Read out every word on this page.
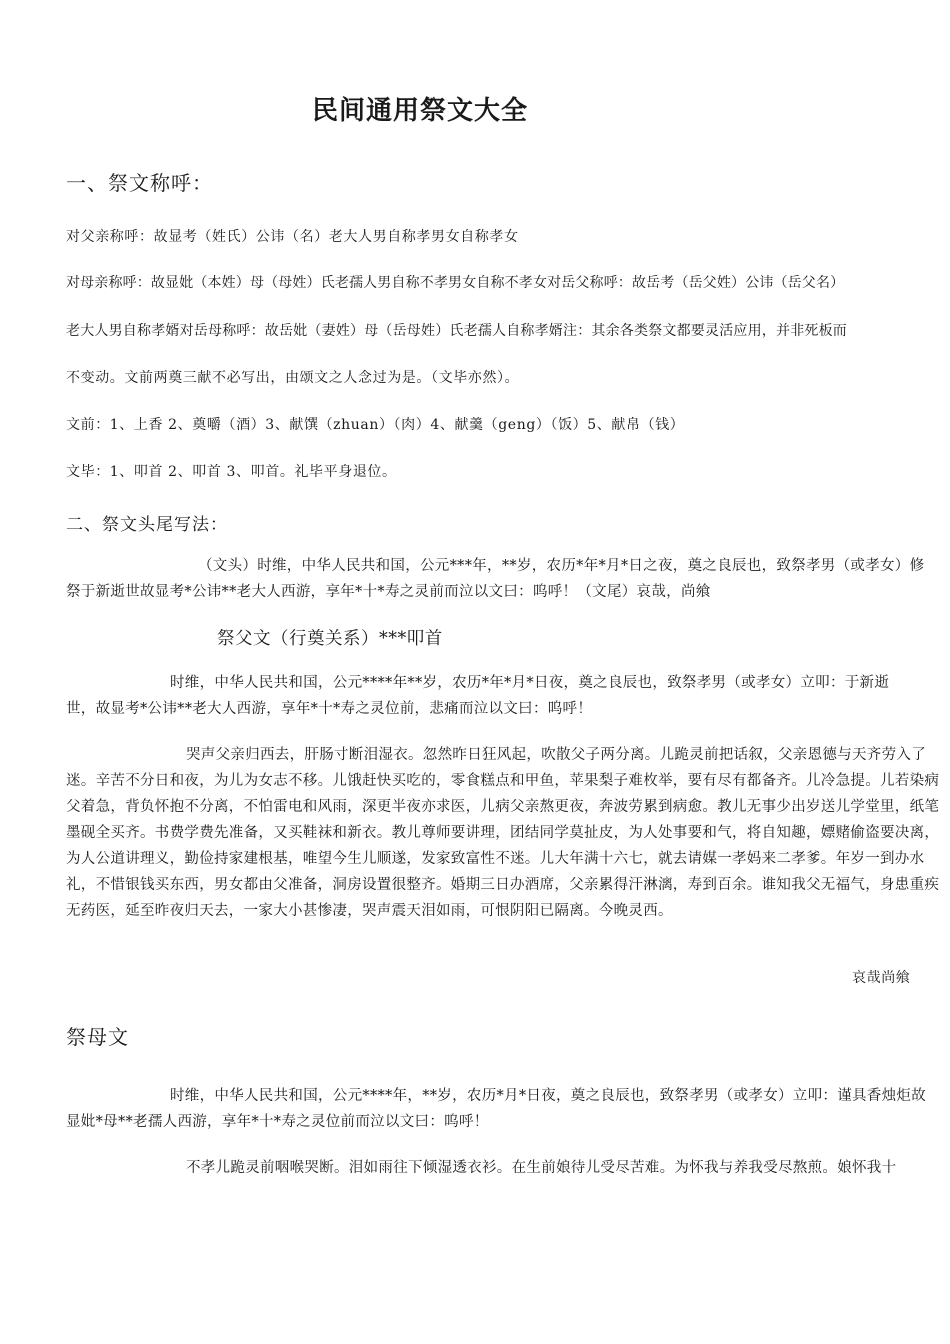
民间通用祭文大全
一、祭文称呼：
对父亲称呼：故显考（姓氏）公讳（名）老大人男自称孝男女自称孝女
对母亲称呼：故显妣（本姓）母（母姓）氏老孺人男自称不孝男女自称不孝女对岳父称呼：故岳考（岳父姓）公讳（岳父名）
老大人男自称孝婿对岳母称呼：故岳妣（妻姓）母（岳母姓）氏老孺人自称孝婿注：其余各类祭文都要灵活应用，并非死板而
不变动。文前两奠三献不必写出，由颂文之人念过为是。（文毕亦然）。
文前：1、上香 2、奠嚼（酒）3、献馔（zhuan）（肉）4、献羹（geng）（饭）5、献帛（钱）
文毕：1、叩首 2、叩首 3、叩首。礼毕平身退位。
二、祭文头尾写法：

（文头）时维，中华人民共和国，公元***年，**岁，农历*年*月*日之夜，奠之良辰也，致祭孝男（或孝女）修祭于新逝世故显考*公讳**老大人西游，享年*十*寿之灵前而泣以文曰：呜呼！（文尾）哀哉，尚飨

祭父文（行奠关系）***叩首

时维，中华人民共和国，公元****年**岁，农历*年*月*日夜，奠之良辰也，致祭孝男（或孝女）立叩：于新逝世，故显考*公讳**老大人西游，享年*十*寿之灵位前，悲痛而泣以文曰：呜呼！

哭声父亲归西去，肝肠寸断泪湿衣。忽然昨日狂风起，吹散父子两分离。儿跪灵前把话叙，父亲恩德与天齐劳入了迷。辛苦不分日和夜，为儿为女志不移。儿饿赶快买吃的，零食糕点和甲鱼，苹果梨子难枚举，要有尽有都备齐。儿冷急提。儿若染病父着急，背负怀抱不分离，不怕雷电和风雨，深更半夜亦求医，儿病父亲熬更夜，奔波劳累到病愈。教儿无事少出岁送儿学堂里，纸笔墨砚全买齐。书费学费先准备，又买鞋袜和新衣。教儿尊师要讲理，团结同学莫扯皮，为人处事要和气，将自知趣，嫖赌偷盗要决离，为人公道讲理义，勤俭持家建根基，唯望今生儿顺遂，发家致富性不迷。儿大年满十六七，就去请媒一孝妈来二孝爹。年岁一到办水礼，不惜银钱买东西，男女都由父准备，洞房设置很整齐。婚期三日办酒席，父亲累得汗淋漓，寿到百余。谁知我父无福气，身患重疾无药医，延至昨夜归天去，一家大小甚惨凄，哭声震天泪如雨，可恨阴阳已隔离。今晚灵西。

哀哉尚飨
祭母文

时维，中华人民共和国，公元****年，**岁，农历*月*日夜，奠之良辰也，致祭孝男（或孝女）立叩：谨具香烛炬故显妣*母**老孺人西游，享年*十*寿之灵位前而泣以文曰：呜呼！

不孝儿跪灵前咽喉哭断。泪如雨往下倾湿透衣衫。在生前娘待儿受尽苦难。为怀我与养我受尽熬煎。娘怀我十
